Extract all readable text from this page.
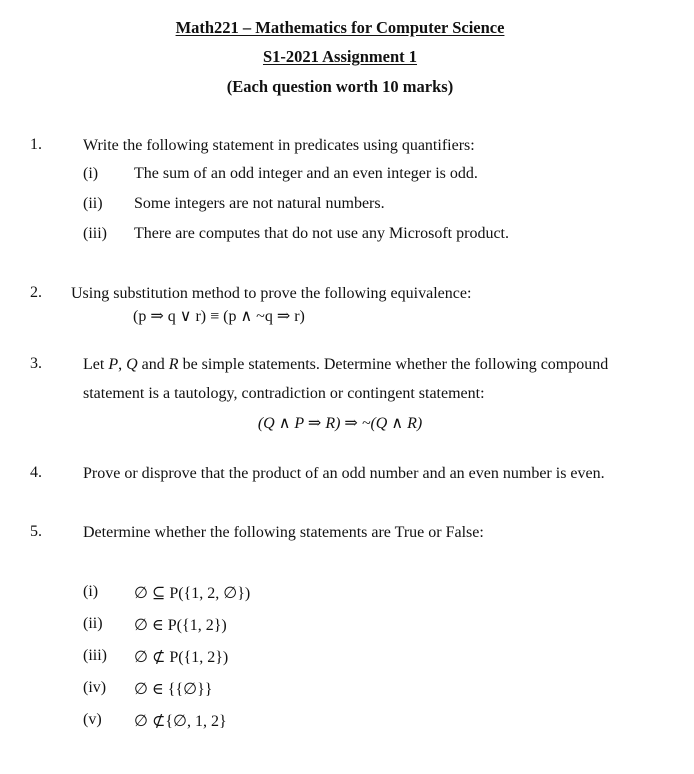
Math221 – Mathematics for Computer Science
S1-2021 Assignment 1
(Each question worth 10 marks)
1.	Write the following statement in predicates using quantifiers:
(i) The sum of an odd integer and an even integer is odd.
(ii) Some integers are not natural numbers.
(iii) There are computes that do not use any Microsoft product.
2. Using substitution method to prove the following equivalence:
(p ⇒ q ∨ r) ≡ (p ∧ ~q ⇒ r)
3.	Let P, Q and R be simple statements. Determine whether the following compound
statement is a tautology, contradiction or contingent statement:
(Q ∧ P ⇒ R) ⇒ ~(Q ∧ R)
4.	Prove or disprove that the product of an odd number and an even number is even.
5.	Determine whether the following statements are True or False:
(i) ∅ ⊆ P({1, 2, ∅})
(ii) ∅ ∈ P({1, 2})
(iii) ∅ ⊄ P({1, 2})
(iv) ∅ ∈ {{∅}}
(v) ∅ ⊄{∅, 1, 2}
